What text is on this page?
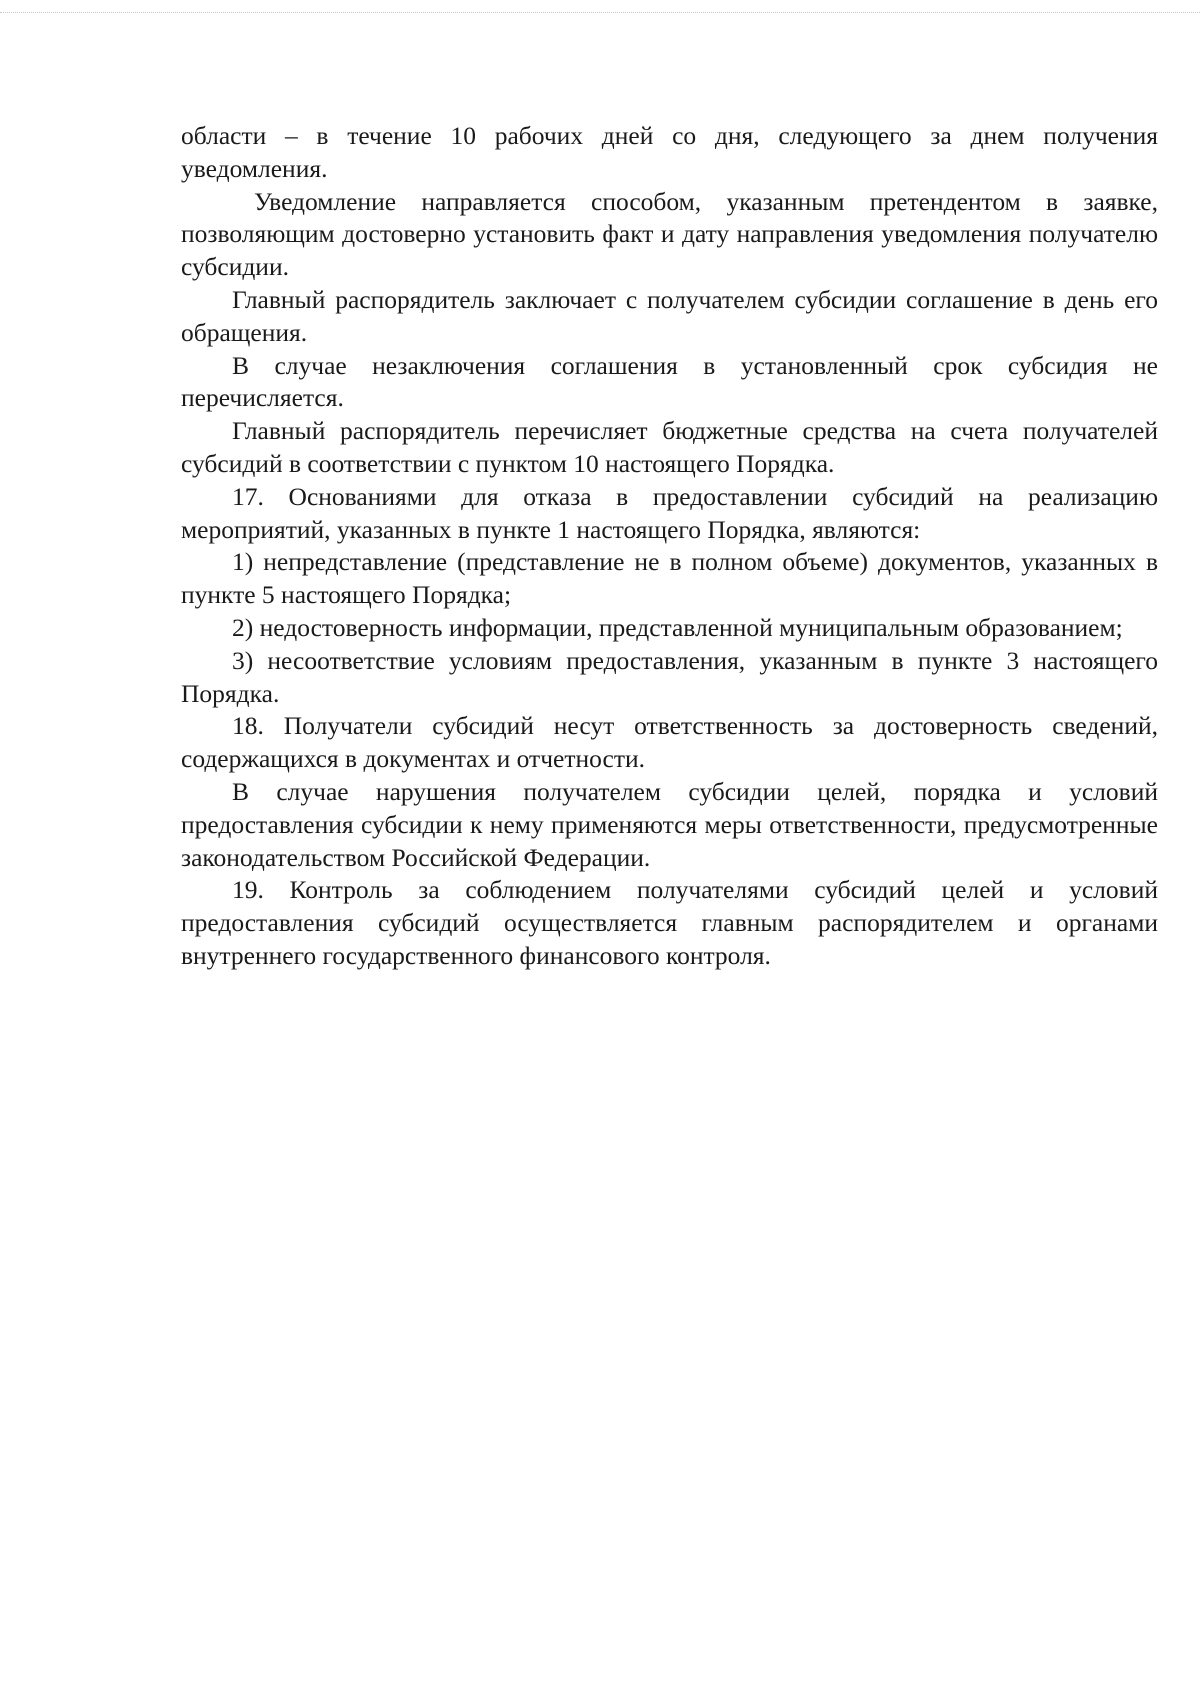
области – в течение 10 рабочих дней со дня, следующего за днем получения уведомления.

Уведомление направляется способом, указанным претендентом в заявке, позволяющим достоверно установить факт и дату направления уведомления получателю субсидии.

Главный распорядитель заключает с получателем субсидии соглашение в день его обращения.

В случае незаключения соглашения в установленный срок субсидия не перечисляется.

Главный распорядитель перечисляет бюджетные средства на счета получателей субсидий в соответствии с пунктом 10 настоящего Порядка.

17. Основаниями для отказа в предоставлении субсидий на реализацию мероприятий, указанных в пункте 1 настоящего Порядка, являются:

1) непредставление (представление не в полном объеме) документов, указанных в пункте 5 настоящего Порядка;

2) недостоверность информации, представленной муниципальным образованием;

3) несоответствие условиям предоставления, указанным в пункте 3 настоящего Порядка.

18. Получатели субсидий несут ответственность за достоверность сведений, содержащихся в документах и отчетности.

В случае нарушения получателем субсидии целей, порядка и условий предоставления субсидии к нему применяются меры ответственности, предусмотренные законодательством Российской Федерации.

19. Контроль за соблюдением получателями субсидий целей и условий предоставления субсидий осуществляется главным распорядителем и органами внутреннего государственного финансового контроля.
